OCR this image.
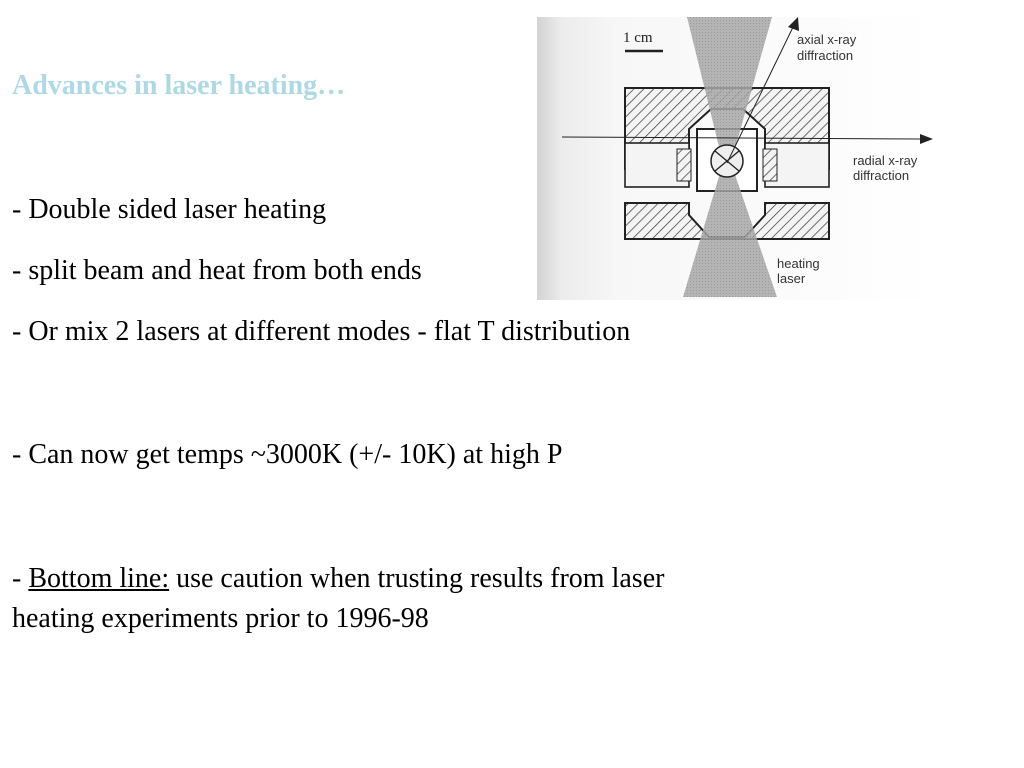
Advances in laser heating…
- Double sided laser heating
- split beam and heat from both ends
- Or mix 2 lasers at different modes - flat T distribution
- Can now get temps ~3000K (+/- 10K) at high P
- Bottom line: use caution when trusting results from laser
heating experiments prior to 1996-98
1 cm	axial x-ray
diffraction
radial x-ray
diffraction
heating
laser
